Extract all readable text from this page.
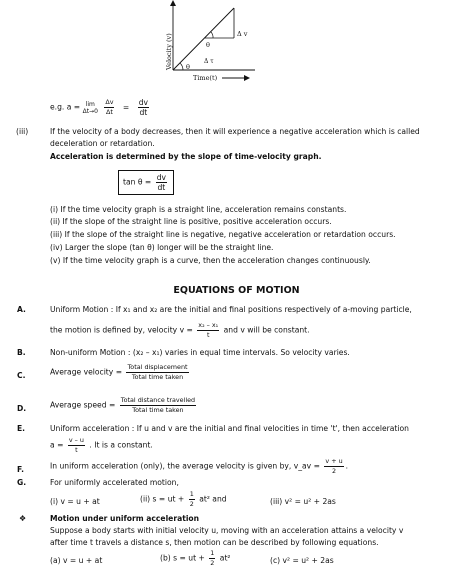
Velocity (v)
Time(t)
θ
θ
Δ τ
Δ v
e.g. a = lim
Δt→0
$\frac{\Delta v}{\Delta t} = \frac{dv}{dt}$
(iii)	If the velocity of a body decreases, then it will experience a negative acceleration which is called
deceleration or retardation.
Acceleration is determined by the slope of time-velocity graph.
$\tan \theta = \frac{dv}{dt}$
(i) If the time velocity graph is a straight line, acceleration remains constants.
(ii) If the slope of the straight line is positive, positive acceleration occurs.
(iii) If the slope of the straight line is negative, negative acceleration or retardation occurs.
(iv) Larger the slope (tan θ) longer will be the straight line.
(v) If the time velocity graph is a curve, then the acceleration changes continuously.
EQUATIONS OF MOTION
A.	Uniform Motion : If x₁ and x₂ are the initial and final positions respectively of a-moving particle,
the motion is defined by, velocity $v = \frac{\text{x₂ – x₁}}{t}$ and v will be constant.
B.	Non-uniform Motion : (x₂ – x₁) varies in equal time intervals. So velocity varies.
C.	Average velocity = $\frac{\text{Total displacement}}{\text{Total time taken}}$
D.	Average speed = $\frac{\text{Total distance travelled}}{\text{Total time taken}}$
E.	Uniform acceleration : If u and v are the initial and final velocities in time 't', then acceleration
$a = \frac{v - u}{t}$ . It is a constant.
F.	In uniform acceleration (only), the average velocity is given by, v_av = $\frac{v + u}{2}$ .
G.	For uniformly accelerated motion,
(i) v = u + at	(ii) s = ut + $\frac{1}{2} at^2$ and	(iii) v² = u² + 2as
❖	Motion under uniform acceleration
Suppose a body starts with initial velocity u, moving with an acceleration attains a velocity v
after time t travels a distance s, then motion can be described by following equations.
(a) v = u + at	(b) s = ut + $\frac{1}{2} at^2$	(c) v² = u² + 2as
